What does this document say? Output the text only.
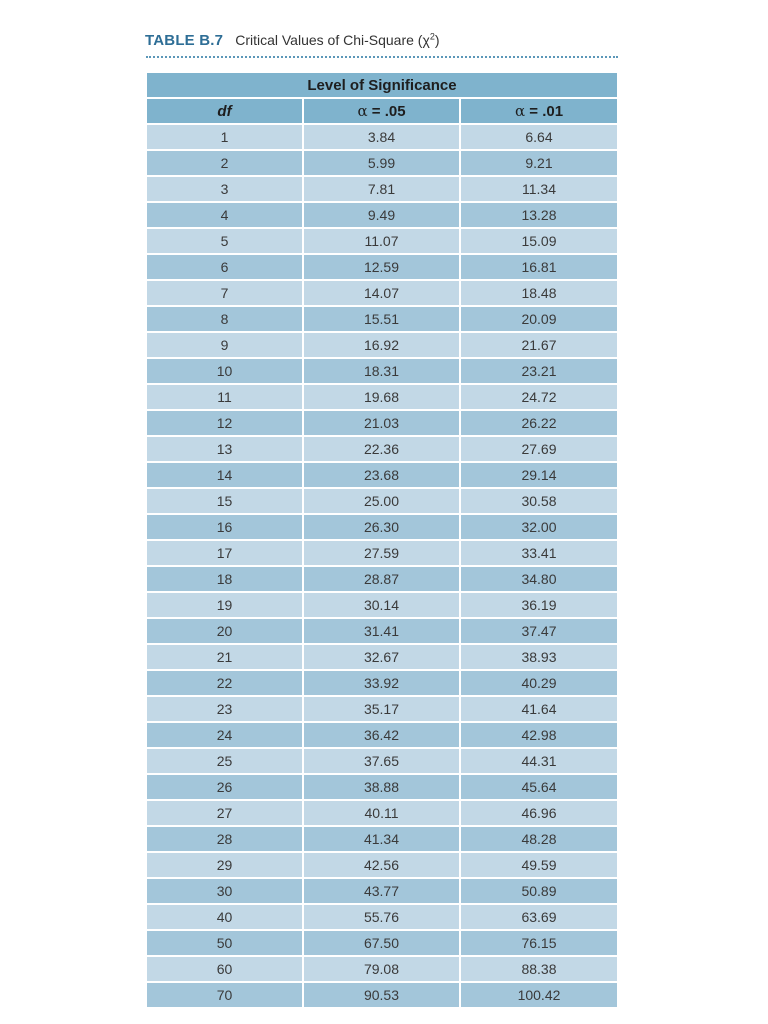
TABLE B.7 Critical Values of Chi-Square $(\chi^2)$
Level of Significance		
df	α = .05	α = .01
1	3.84	6.64
2	5.99	9.21
3	7.81	11.34
4	9.49	13.28
5	11.07	15.09
6	12.59	16.81
7	14.07	18.48
8	15.51	20.09
9	16.92	21.67
10	18.31	23.21
11	19.68	24.72
12	21.03	26.22
13	22.36	27.69
14	23.68	29.14
15	25.00	30.58
16	26.30	32.00
17	27.59	33.41
18	28.87	34.80
19	30.14	36.19
20	31.41	37.47
21	32.67	38.93
22	33.92	40.29
23	35.17	41.64
24	36.42	42.98
25	37.65	44.31
26	38.88	45.64
27	40.11	46.96
28	41.34	48.28
29	42.56	49.59
30	43.77	50.89
40	55.76	63.69
50	67.50	76.15
60	79.08	88.38
70	90.53	100.42
